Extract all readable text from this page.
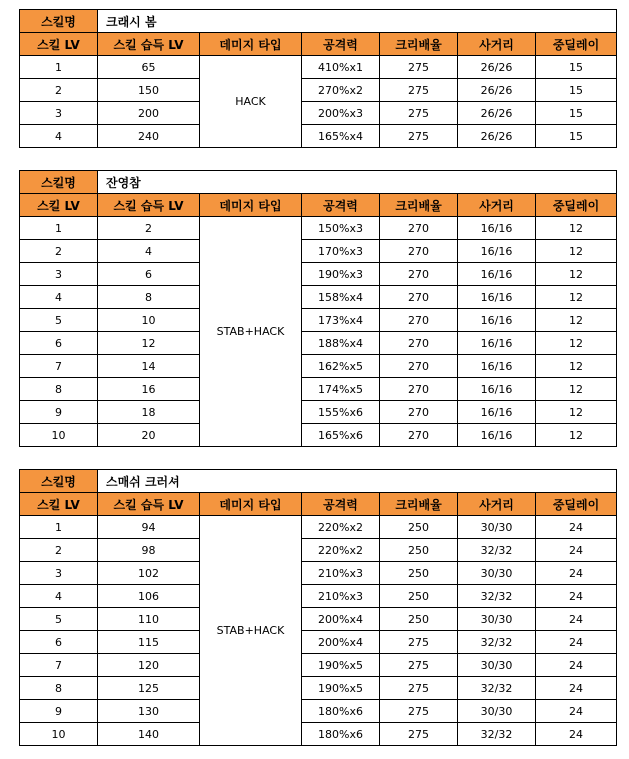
스킬명	크래시 봄					
스킬 LV	스킬 습득 LV	데미지 타입	공격력	크리배율	사거리	중딜레이
1	65	HACK	410%x1	275	26/26	15
2	150		270%x2	275	26/26	15
3	200		200%x3	275	26/26	15
4	240		165%x4	275	26/26	15
스킬명	잔영참					
스킬 LV	스킬 습득 LV	데미지 타입	공격력	크리배율	사거리	중딜레이
1	2	STAB+HACK	150%x3	270	16/16	12
2	4		170%x3	270	16/16	12
3	6		190%x3	270	16/16	12
4	8		158%x4	270	16/16	12
5	10		173%x4	270	16/16	12
6	12		188%x4	270	16/16	12
7	14		162%x5	270	16/16	12
8	16		174%x5	270	16/16	12
9	18		155%x6	270	16/16	12
10	20		165%x6	270	16/16	12
스킬명	스매쉬 크러셔					
스킬 LV	스킬 습득 LV	데미지 타입	공격력	크리배율	사거리	중딜레이
1	94	STAB+HACK	220%x2	250	30/30	24
2	98		220%x2	250	32/32	24
3	102		210%x3	250	30/30	24
4	106		210%x3	250	32/32	24
5	110		200%x4	250	30/30	24
6	115		200%x4	275	32/32	24
7	120		190%x5	275	30/30	24
8	125		190%x5	275	32/32	24
9	130		180%x6	275	30/30	24
10	140		180%x6	275	32/32	24
